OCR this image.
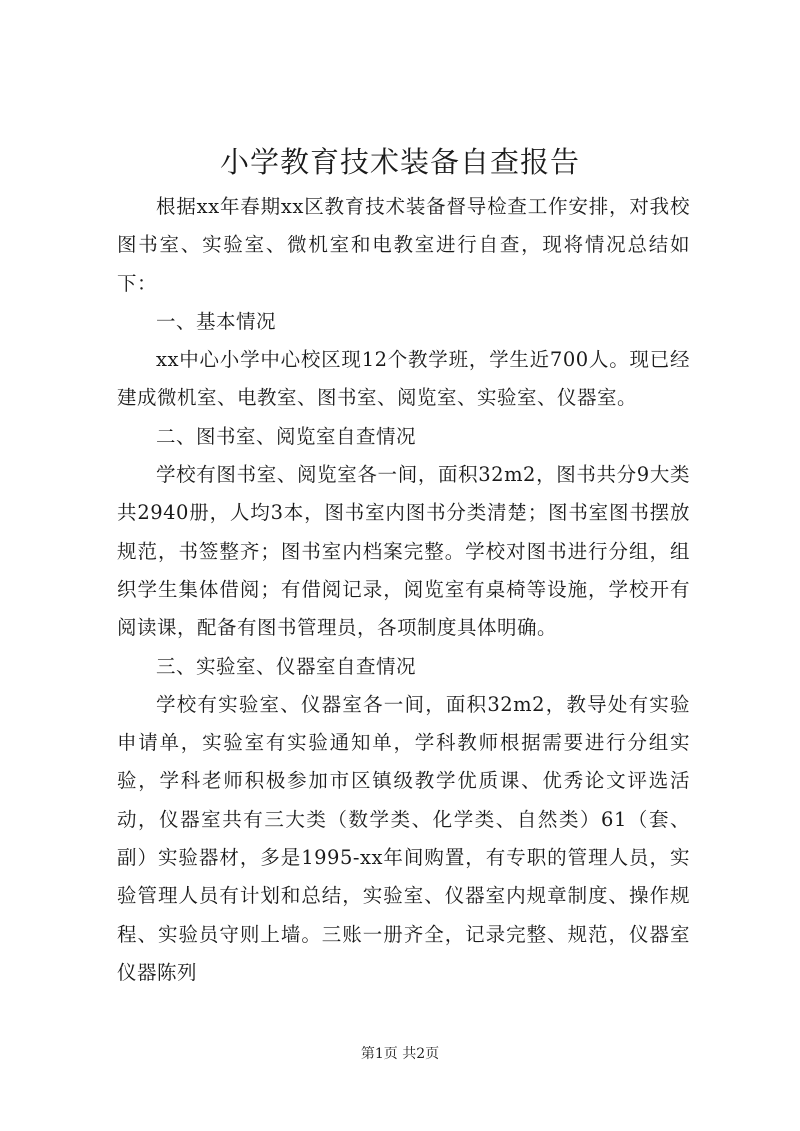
小学教育技术装备自查报告

根据xx年春期xx区教育技术装备督导检查工作安排，对我校图书室、实验室、微机室和电教室进行自查，现将情况总结如下：

一、基本情况

xx中心小学中心校区现12个教学班，学生近700人。现已经建成微机室、电教室、图书室、阅览室、实验室、仪器室。

二、图书室、阅览室自查情况

学校有图书室、阅览室各一间，面积32m2，图书共分9大类共2940册，人均3本，图书室内图书分类清楚；图书室图书摆放规范，书签整齐；图书室内档案完整。学校对图书进行分组，组织学生集体借阅；有借阅记录，阅览室有桌椅等设施，学校开有阅读课，配备有图书管理员，各项制度具体明确。

三、实验室、仪器室自查情况

学校有实验室、仪器室各一间，面积32m2，教导处有实验申请单，实验室有实验通知单，学科教师根据需要进行分组实验，学科老师积极参加市区镇级教学优质课、优秀论文评选活动，仪器室共有三大类（数学类、化学类、自然类）61（套、副）实验器材，多是1995-xx年间购置，有专职的管理人员，实验管理人员有计划和总结，实验室、仪器室内规章制度、操作规程、实验员守则上墙。三账一册齐全，记录完整、规范，仪器室仪器陈列

第1页 共2页
